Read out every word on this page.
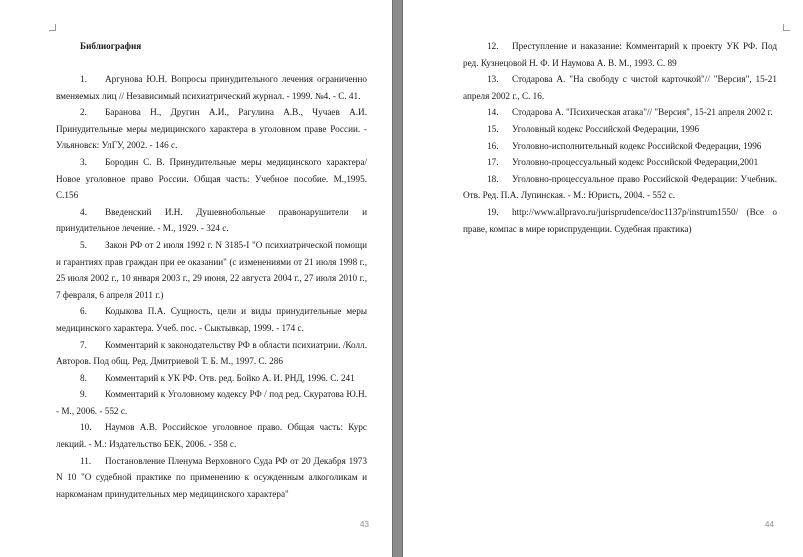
Библиография

1. Аргунова Ю.Н. Вопросы принудительного лечения ограниченно вменяемых лиц // Независимый психиатрический журнал. - 1999. №4. - С. 41.

2. Баранова Н., Другин А.И., Рагулина А.В., Чучаев А.И. Принудительные меры медицинского характера в уголовном праве России. - Ульяновск: УлГУ, 2002. - 146 с.

3. Бородин С. В. Принудительные меры медицинского характера/ Новое уголовное право России. Общая часть: Учебное пособие. М.,1995. С.156

4. Введенский И.Н. Душевнобольные правонарушители и принудительное лечение. - М., 1929. - 324 с.

5. Закон РФ от 2 июля 1992 г. N 3185-I "О психиатрической помощи и гарантиях прав граждан при ее оказании" (с изменениями от 21 июля 1998 г., 25 июля 2002 г., 10 января 2003 г., 29 июня, 22 августа 2004 г., 27 июля 2010 г., 7 февраля, 6 апреля 2011 г.)

6. Кодыкова П.А. Сущность, цели и виды принудительные меры медицинского характера. Учеб. пос. - Сыктывкар, 1999. - 174 с.

7. Комментарий к законодательству РФ в области психиатрии. /Колл. Авторов. Под общ. Ред. Дмитриевой Т. Б. М., 1997. С. 286

8. Комментарий к УК РФ. Отв. ред. Бойко А. И. РНД, 1996. С. 241

9. Комментарий к Уголовному кодексу РФ / под ред. Скуратова Ю.Н. - М., 2006. - 552 с.

10. Наумов А.В. Российское уголовное право. Общая часть: Курс лекций. - М.: Издательство БЕК, 2006. - 358 с.

11. Постановление Пленума Верховного Суда РФ от 20 Декабря 1973 N 10 "О судебной практике по применению к осужденным алкоголикам и наркоманам принудительных мер медицинского характера"

43

12. Преступление и наказание: Комментарий к проекту УК РФ. Под ред. Кузнецовой Н. Ф. И Наумова А. В. М., 1993. С. 89

13. Стодарова А. "На свободу с чистой карточкой"// "Версия", 15-21 апреля 2002 г., С. 16.

14. Стодарова А. "Психическая атака"// "Версия", 15-21 апреля 2002 г.

15. Уголовный кодекс Российской Федерации, 1996

16. Уголовно-исполнительный кодекс Российской Федерации, 1996

17. Уголовно-процессуальный кодекс Российской Федерации,2001

18. Уголовно-процессуальное право Российской Федерации: Учебник. Отв. Ред. П.А. Лупинская. - М.: Юристь, 2004. - 552 с.

19. http://www.allpravo.ru/jurisprudence/doc1137p/instrum1550/ (Все о праве, компас в мире юриспруденции. Судебная практика)

44
